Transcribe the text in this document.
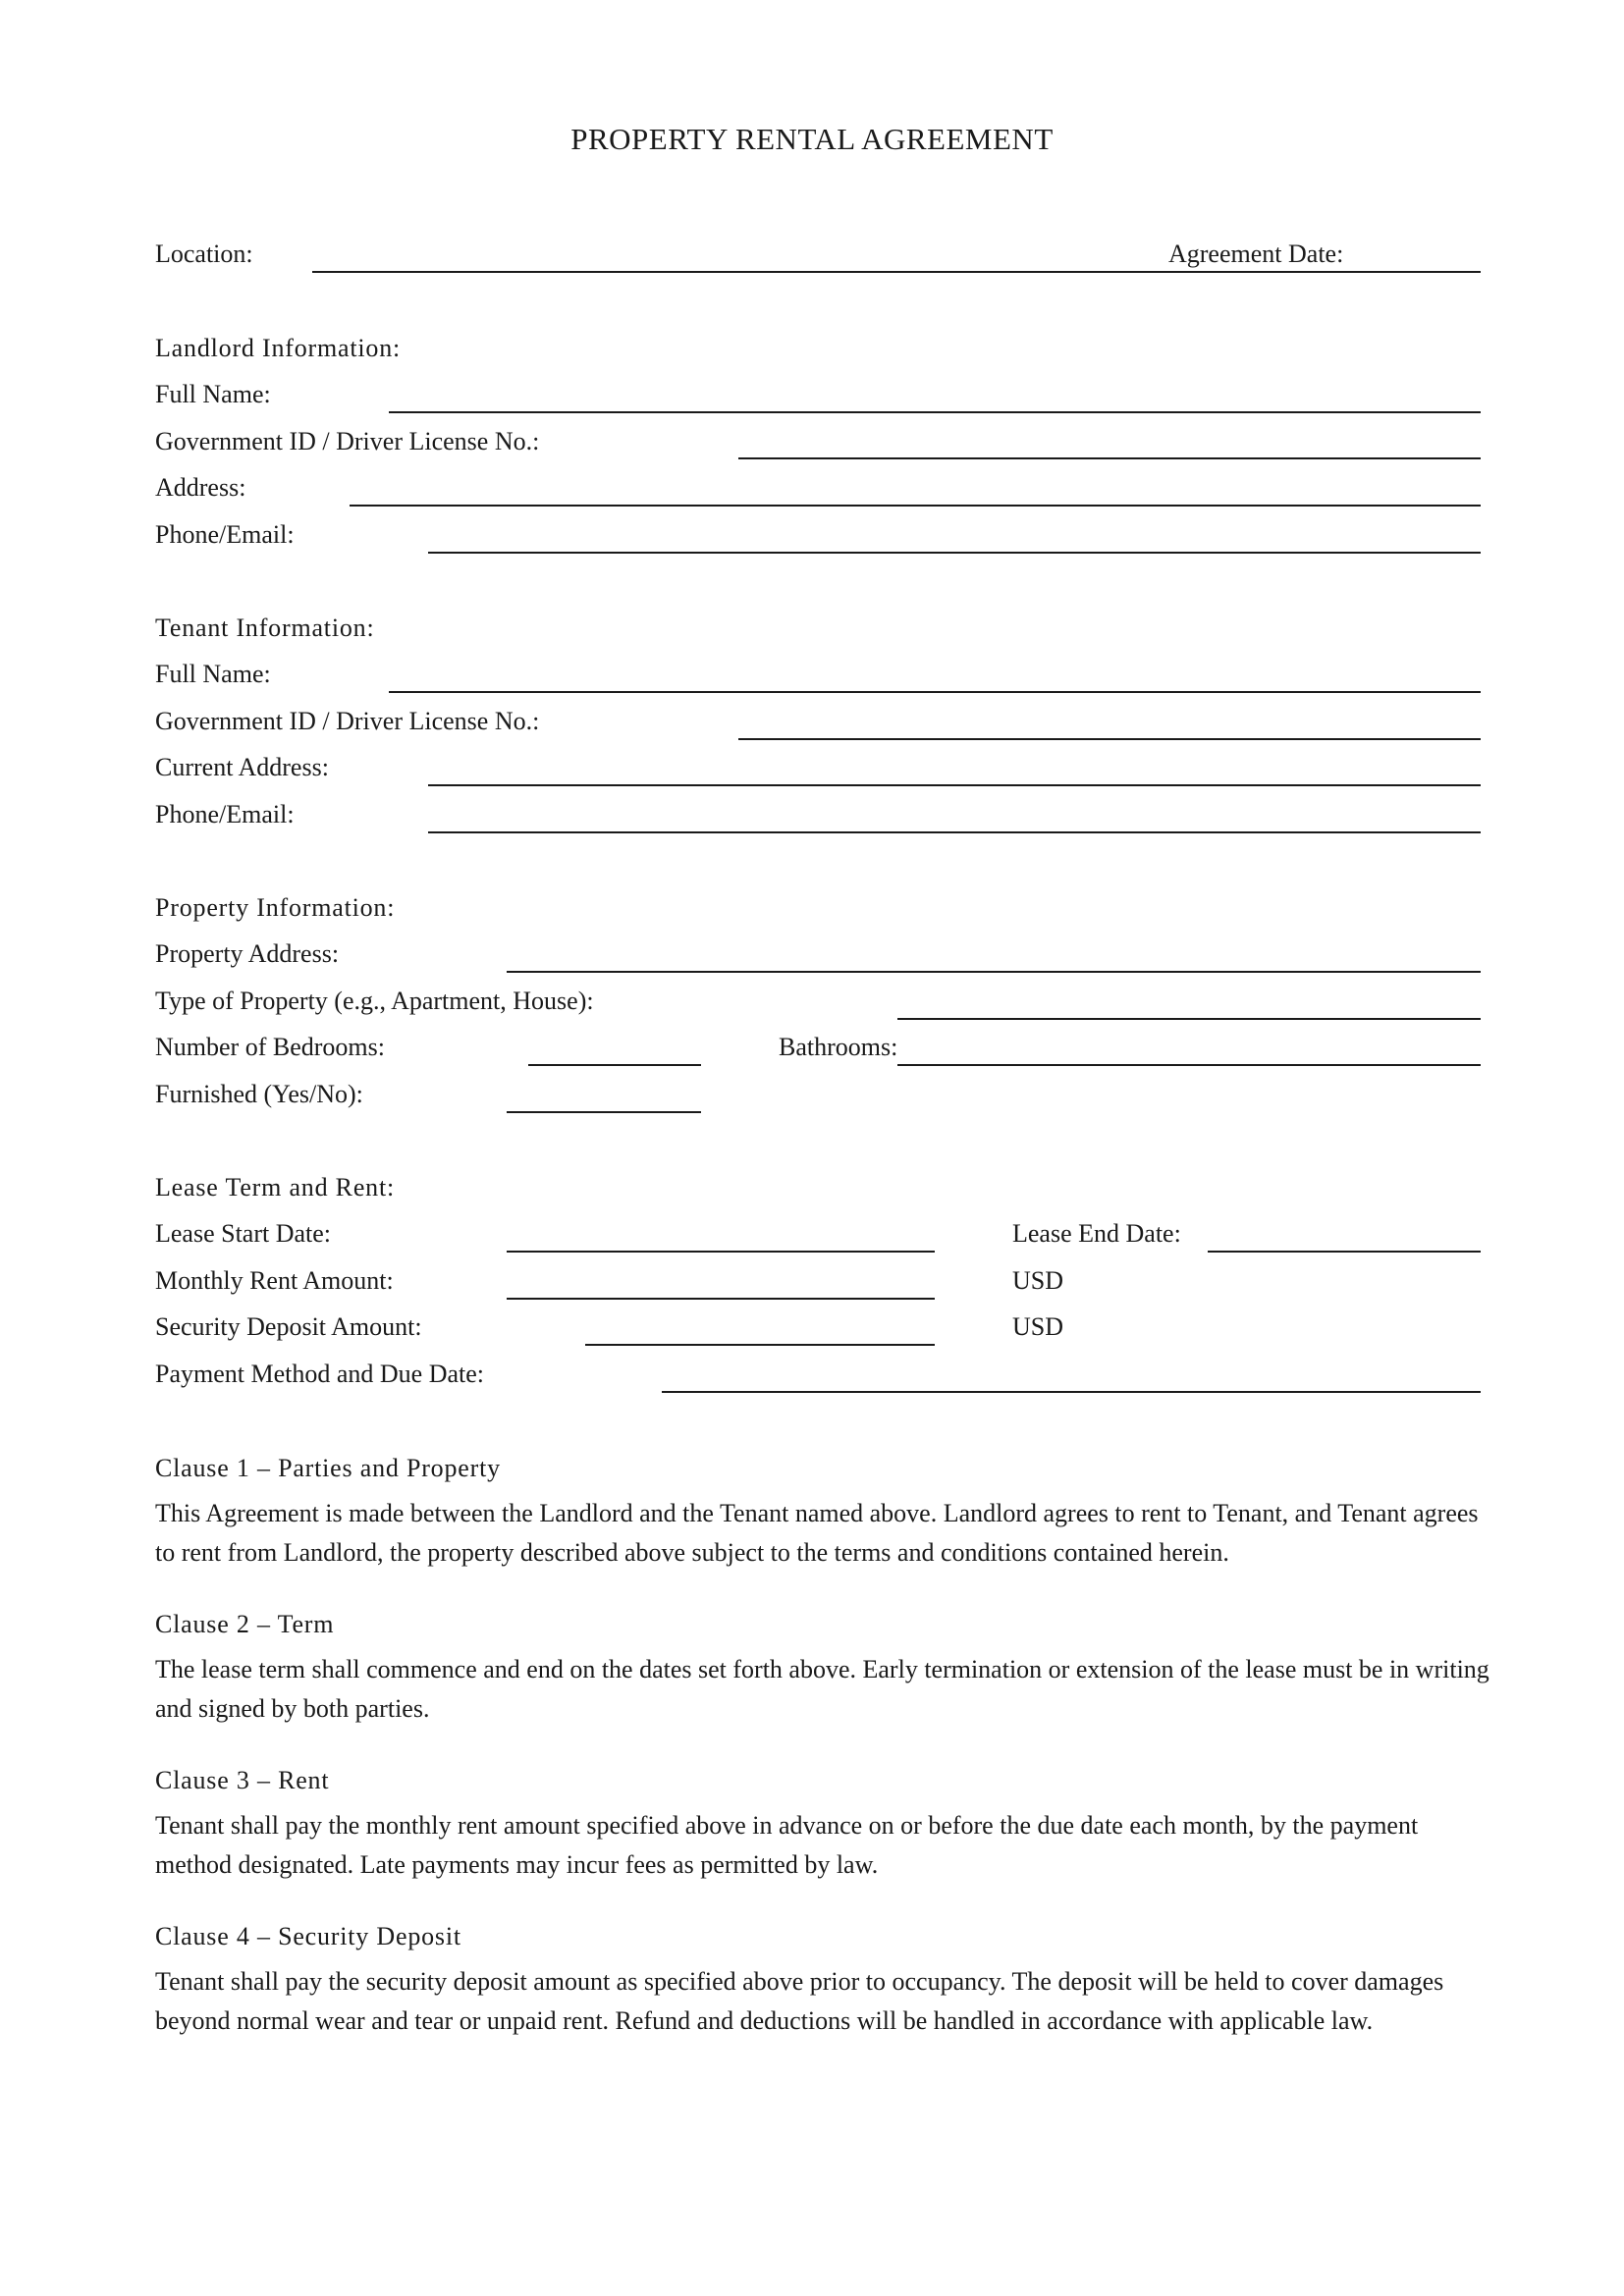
PROPERTY RENTAL AGREEMENT
Location:	Agreement Date:
Landlord Information:
Full Name:
Government ID / Driver License No.:
Address:
Phone/Email:
Tenant Information:
Full Name:
Government ID / Driver License No.:
Current Address:
Phone/Email:
Property Information:
Property Address:
Type of Property (e.g., Apartment, House):
Number of Bedrooms:	Bathrooms:
Furnished (Yes/No):
Lease Term and Rent:
Lease Start Date:	Lease End Date:
Monthly Rent Amount:	USD
Security Deposit Amount:	USD
Payment Method and Due Date:
Clause 1 – Parties and Property

This Agreement is made between the Landlord and the Tenant named above. Landlord agrees to rent to Tenant, and Tenant agrees to rent from Landlord, the property described above subject to the terms and conditions contained herein.

Clause 2 – Term

The lease term shall commence and end on the dates set forth above. Early termination or extension of the lease must be in writing and signed by both parties.

Clause 3 – Rent

Tenant shall pay the monthly rent amount specified above in advance on or before the due date each month, by the payment method designated. Late payments may incur fees as permitted by law.

Clause 4 – Security Deposit

Tenant shall pay the security deposit amount as specified above prior to occupancy. The deposit will be held to cover damages beyond normal wear and tear or unpaid rent. Refund and deductions will be handled in accordance with applicable law.
